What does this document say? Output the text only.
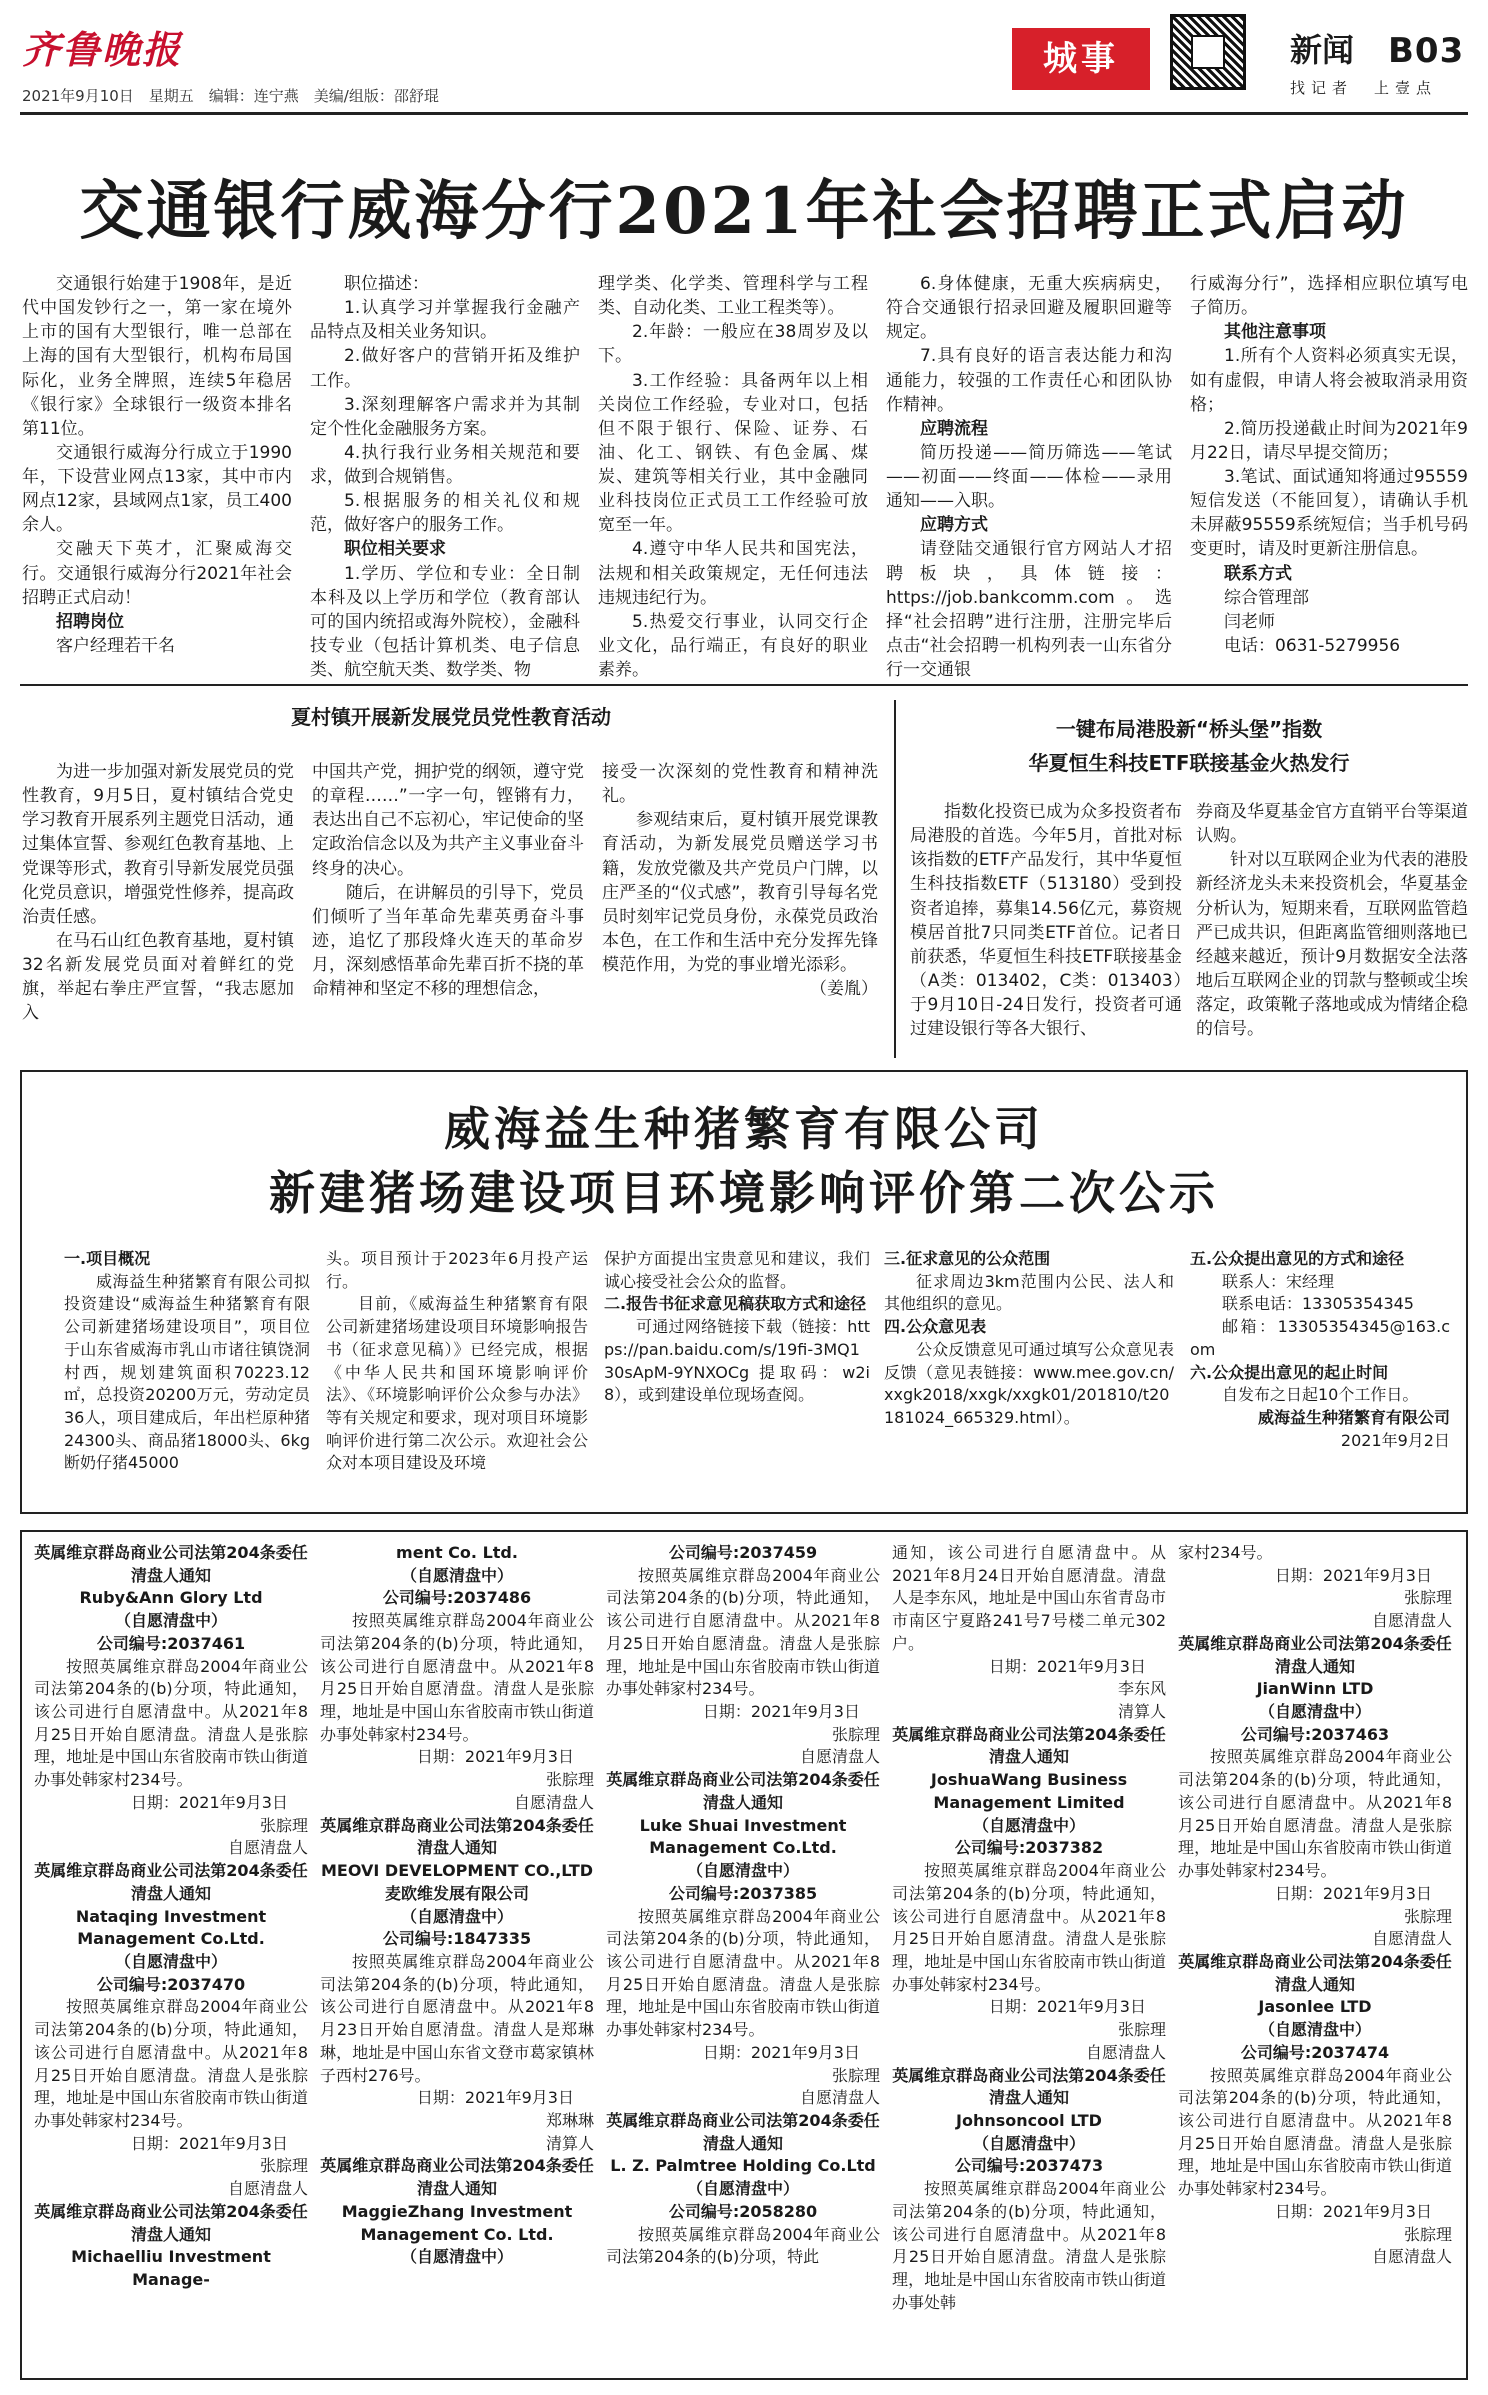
齐鲁晚报
2021年9月10日　星期五　编辑：连宁燕　美编/组版：邵舒琨
城事	新闻 B03
找记者　上壹点
交通银行威海分行2021年社会招聘正式启动

交通银行始建于1908年，是近代中国发钞行之一，第一家在境外上市的国有大型银行，唯一总部在上海的国有大型银行，机构布局国际化，业务全牌照，连续5年稳居《银行家》全球银行一级资本排名第11位。

交通银行威海分行成立于1990年，下设营业网点13家，其中市内网点12家，县域网点1家，员工400余人。

交融天下英才，汇聚威海交行。交通银行威海分行2021年社会招聘正式启动！

招聘岗位

客户经理若干名

职位描述：

1.认真学习并掌握我行金融产品特点及相关业务知识。

2.做好客户的营销开拓及维护工作。

3.深刻理解客户需求并为其制定个性化金融服务方案。

4.执行我行业务相关规范和要求，做到合规销售。

5.根据服务的相关礼仪和规范，做好客户的服务工作。

职位相关要求

1.学历、学位和专业：全日制本科及以上学历和学位（教育部认可的国内统招或海外院校），金融科技专业（包括计算机类、电子信息类、航空航天类、数学类、物

理学类、化学类、管理科学与工程类、自动化类、工业工程类等）。

2.年龄：一般应在38周岁及以下。

3.工作经验：具备两年以上相关岗位工作经验，专业对口，包括但不限于银行、保险、证券、石油、化工、钢铁、有色金属、煤炭、建筑等相关行业，其中金融同业科技岗位正式员工工作经验可放宽至一年。

4.遵守中华人民共和国宪法，法规和相关政策规定，无任何违法违规违纪行为。

5.热爱交行事业，认同交行企业文化，品行端正，有良好的职业素养。

6.身体健康，无重大疾病病史，符合交通银行招录回避及履职回避等规定。

7.具有良好的语言表达能力和沟通能力，较强的工作责任心和团队协作精神。

应聘流程

简历投递——简历筛选——笔试——初面——终面——体检——录用通知——入职。

应聘方式

请登陆交通银行官方网站人才招聘板块，具体链接：https://job.bankcomm.com。选择“社会招聘”进行注册，注册完毕后点击“社会招聘一机构列表一山东省分行一交通银

行威海分行”，选择相应职位填写电子简历。

其他注意事项

1.所有个人资料必须真实无误，如有虚假，申请人将会被取消录用资格；

2.简历投递截止时间为2021年9月22日，请尽早提交简历；

3.笔试、面试通知将通过95559短信发送（不能回复），请确认手机未屏蔽95559系统短信；当手机号码变更时，请及时更新注册信息。

联系方式

综合管理部

闫老师

电话：0631-5279956

夏村镇开展新发展党员党性教育活动

为进一步加强对新发展党员的党性教育，9月5日，夏村镇结合党史学习教育开展系列主题党日活动，通过集体宣誓、参观红色教育基地、上党课等形式，教育引导新发展党员强化党员意识，增强党性修养，提高政治责任感。

在马石山红色教育基地，夏村镇32名新发展党员面对着鲜红的党旗，举起右拳庄严宣誓，“我志愿加入

中国共产党，拥护党的纲领，遵守党的章程……”一字一句，铿锵有力，表达出自己不忘初心，牢记使命的坚定政治信念以及为共产主义事业奋斗终身的决心。

随后，在讲解员的引导下，党员们倾听了当年革命先辈英勇奋斗事迹，追忆了那段烽火连天的革命岁月，深刻感悟革命先辈百折不挠的革命精神和坚定不移的理想信念，

接受一次深刻的党性教育和精神洗礼。

参观结束后，夏村镇开展党课教育活动，为新发展党员赠送学习书籍，发放党徽及共产党员户门牌，以庄严圣的“仪式感”，教育引导每名党员时刻牢记党员身份，永葆党员政治本色，在工作和生活中充分发挥先锋模范作用，为党的事业增光添彩。

（姜胤）

一键布局港股新“桥头堡”指数
华夏恒生科技ETF联接基金火热发行

指数化投资已成为众多投资者布局港股的首选。今年5月，首批对标该指数的ETF产品发行，其中华夏恒生科技指数ETF（513180）受到投资者追捧，募集14.56亿元，募资规模居首批7只同类ETF首位。记者日前获悉，华夏恒生科技ETF联接基金（A类：013402，C类：013403）于9月10日-24日发行，投资者可通过建设银行等各大银行、

券商及华夏基金官方直销平台等渠道认购。

针对以互联网企业为代表的港股新经济龙头未来投资机会，华夏基金分析认为，短期来看，互联网监管趋严已成共识，但距离监管细则落地已经越来越近，预计9月数据安全法落地后互联网企业的罚款与整顿或尘埃落定，政策靴子落地或成为情绪企稳的信号。

威海益生种猪繁育有限公司
新建猪场建设项目环境影响评价第二次公示

一.项目概况

威海益生种猪繁育有限公司拟投资建设“威海益生种猪繁育有限公司新建猪场建设项目”，项目位于山东省威海市乳山市诸往镇饶洞村西，规划建筑面积70223.12㎡，总投资20200万元，劳动定员36人，项目建成后，年出栏原种猪24300头、商品猪18000头、6kg断奶仔猪45000

头。项目预计于2023年6月投产运行。

目前，《威海益生种猪繁育有限公司新建猪场建设项目环境影响报告书（征求意见稿）》已经完成，根据《中华人民共和国环境影响评价法》、《环境影响评价公众参与办法》等有关规定和要求，现对项目环境影响评价进行第二次公示。欢迎社会公众对本项目建设及环境

保护方面提出宝贵意见和建议，我们诚心接受社会公众的监督。

二.报告书征求意见稿获取方式和途径

可通过网络链接下载（链接：https://pan.baidu.com/s/19fi-3MQ130sApM-9YNXOCg 提取码：w2i8），或到建设单位现场查阅。

三.征求意见的公众范围

征求周边3km范围内公民、法人和其他组织的意见。

四.公众意见表

公众反馈意见可通过填写公众意见表反馈（意见表链接：www.mee.gov.cn/xxgk2018/xxgk/xxgk01/201810/t20181024_665329.html）。

五.公众提出意见的方式和途径

联系人：宋经理

联系电话：13305354345

邮箱：13305354345@163.com

六.公众提出意见的起止时间

自发布之日起10个工作日。

威海益生种猪繁育有限公司

2021年9月2日

英属维京群岛商业公司法第204条委任清盘人通知

Ruby&Ann Glory Ltd

（自愿清盘中）

公司编号:2037461

按照英属维京群岛2004年商业公司法第204条的(b)分项，特此通知，该公司进行自愿清盘中。从2021年8月25日开始自愿清盘。清盘人是张腙理，地址是中国山东省胶南市铁山街道办事处韩家村234号。

日期：2021年9月3日

张腙理

自愿清盘人

英属维京群岛商业公司法第204条委任清盘人通知

Nataqing Investment Management Co.Ltd.

（自愿清盘中）

公司编号:2037470

按照英属维京群岛2004年商业公司法第204条的(b)分项，特此通知，该公司进行自愿清盘中。从2021年8月25日开始自愿清盘。清盘人是张腙理，地址是中国山东省胶南市铁山街道办事处韩家村234号。

日期：2021年9月3日

张腙理

自愿清盘人

英属维京群岛商业公司法第204条委任清盘人通知

Michaelliu Investment Manage-

ment Co. Ltd.

（自愿清盘中）

公司编号:2037486

按照英属维京群岛2004年商业公司法第204条的(b)分项，特此通知，该公司进行自愿清盘中。从2021年8月25日开始自愿清盘。清盘人是张腙理，地址是中国山东省胶南市铁山街道办事处韩家村234号。

日期：2021年9月3日

张腙理

自愿清盘人

英属维京群岛商业公司法第204条委任清盘人通知

MEOVI DEVELOPMENT CO.,LTD 麦欧维发展有限公司

（自愿清盘中）

公司编号:1847335

按照英属维京群岛2004年商业公司法第204条的(b)分项，特此通知，该公司进行自愿清盘中。从2021年8月23日开始自愿清盘。清盘人是郑琳琳，地址是中国山东省文登市葛家镇林子西村276号。

日期：2021年9月3日

郑琳琳

清算人

英属维京群岛商业公司法第204条委任清盘人通知

MaggieZhang Investment Management Co. Ltd.

（自愿清盘中）

公司编号:2037459

按照英属维京群岛2004年商业公司法第204条的(b)分项，特此通知，该公司进行自愿清盘中。从2021年8月25日开始自愿清盘。清盘人是张腙理，地址是中国山东省胶南市铁山街道办事处韩家村234号。

日期：2021年9月3日

张腙理

自愿清盘人

英属维京群岛商业公司法第204条委任清盘人通知

Luke Shuai Investment Management Co.Ltd.

（自愿清盘中）

公司编号:2037385

按照英属维京群岛2004年商业公司法第204条的(b)分项，特此通知，该公司进行自愿清盘中。从2021年8月25日开始自愿清盘。清盘人是张腙理，地址是中国山东省胶南市铁山街道办事处韩家村234号。

日期：2021年9月3日

张腙理

自愿清盘人

英属维京群岛商业公司法第204条委任清盘人通知

L. Z. Palmtree Holding Co.Ltd

（自愿清盘中）

公司编号:2058280

按照英属维京群岛2004年商业公司法第204条的(b)分项，特此

通知，该公司进行自愿清盘中。从2021年8月24日开始自愿清盘。清盘人是李东风，地址是中国山东省青岛市市南区宁夏路241号7号楼二单元302户。

日期：2021年9月3日

李东风

清算人

英属维京群岛商业公司法第204条委任清盘人通知

JoshuaWang Business Management Limited

（自愿清盘中）

公司编号:2037382

按照英属维京群岛2004年商业公司法第204条的(b)分项，特此通知，该公司进行自愿清盘中。从2021年8月25日开始自愿清盘。清盘人是张腙理，地址是中国山东省胶南市铁山街道办事处韩家村234号。

日期：2021年9月3日

张腙理

自愿清盘人

英属维京群岛商业公司法第204条委任清盘人通知

Johnsoncool LTD

（自愿清盘中）

公司编号:2037473

按照英属维京群岛2004年商业公司法第204条的(b)分项，特此通知，该公司进行自愿清盘中。从2021年8月25日开始自愿清盘。清盘人是张腙理，地址是中国山东省胶南市铁山街道办事处韩

家村234号。

日期：2021年9月3日

张腙理

自愿清盘人

英属维京群岛商业公司法第204条委任清盘人通知

JianWinn LTD

（自愿清盘中）

公司编号:2037463

按照英属维京群岛2004年商业公司法第204条的(b)分项，特此通知，该公司进行自愿清盘中。从2021年8月25日开始自愿清盘。清盘人是张腙理，地址是中国山东省胶南市铁山街道办事处韩家村234号。

日期：2021年9月3日

张腙理

自愿清盘人

英属维京群岛商业公司法第204条委任清盘人通知

Jasonlee LTD

（自愿清盘中）

公司编号:2037474

按照英属维京群岛2004年商业公司法第204条的(b)分项，特此通知，该公司进行自愿清盘中。从2021年8月25日开始自愿清盘。清盘人是张腙理，地址是中国山东省胶南市铁山街道办事处韩家村234号。

日期：2021年9月3日

张腙理

自愿清盘人
